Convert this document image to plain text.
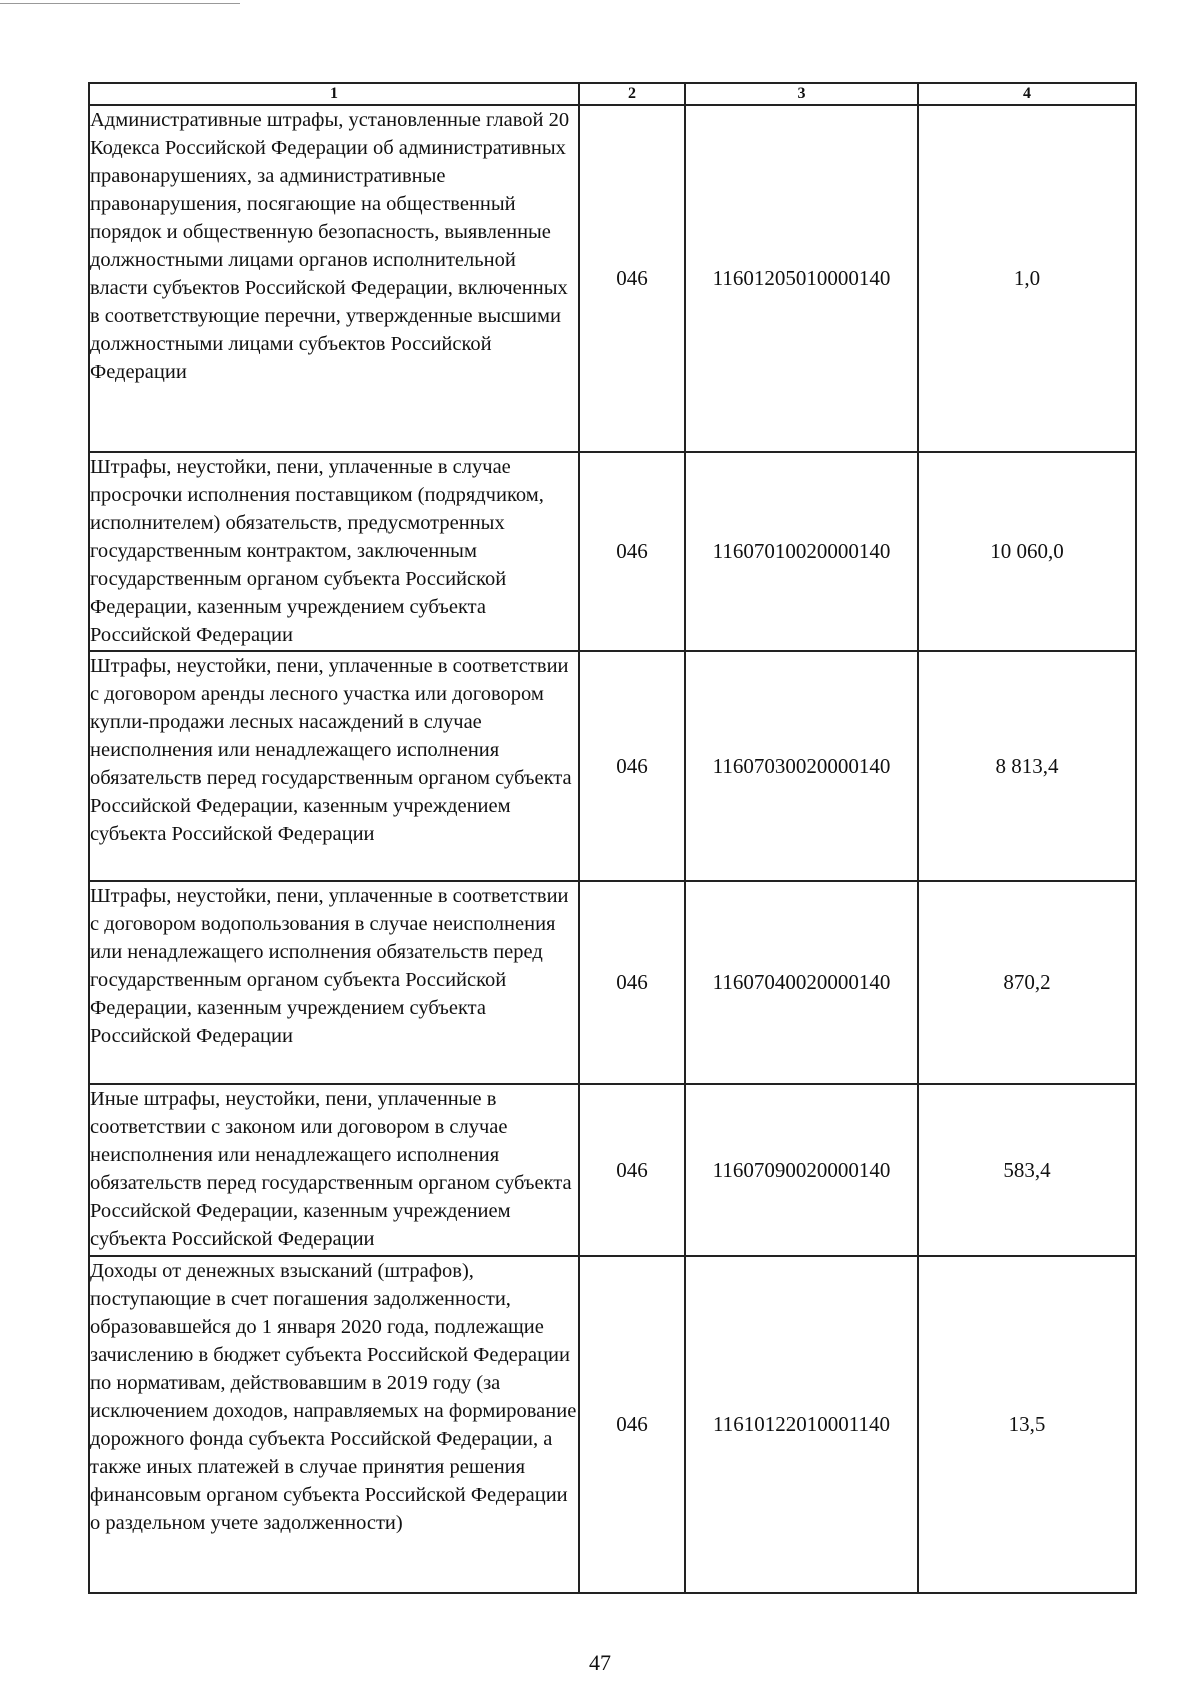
1	2	3	4
Административные штрафы, установленные главой 20 Кодекса Российской Федерации об административных правонарушениях, за административные правонарушения, посягающие на общественный порядок и общественную безопасность, выявленные должностными лицами органов исполнительной власти субъектов Российской Федерации, включенных в соответствующие перечни, утвержденные высшими должностными лицами субъектов Российской Федерации	046	11601205010000140	1,0
Штрафы, неустойки, пени, уплаченные в случае просрочки исполнения поставщиком (подрядчиком, исполнителем) обязательств, предусмотренных государственным контрактом, заключенным государственным органом субъекта Российской Федерации, казенным учреждением субъекта Российской Федерации	046	11607010020000140	10 060,0
Штрафы, неустойки, пени, уплаченные в соответствии с договором аренды лесного участка или договором купли-продажи лесных насаждений в случае неисполнения или ненадлежащего исполнения обязательств перед государственным органом субъекта Российской Федерации, казенным учреждением субъекта Российской Федерации	046	11607030020000140	8 813,4
Штрафы, неустойки, пени, уплаченные в соответствии с договором водопользования в случае неисполнения или ненадлежащего исполнения обязательств перед государственным органом субъекта Российской Федерации, казенным учреждением субъекта Российской Федерации	046	11607040020000140	870,2
Иные штрафы, неустойки, пени, уплаченные в соответствии с законом или договором в случае неисполнения или ненадлежащего исполнения обязательств перед государственным органом субъекта Российской Федерации, казенным учреждением субъекта Российской Федерации	046	11607090020000140	583,4
Доходы от денежных взысканий (штрафов), поступающие в счет погашения задолженности, образовавшейся до 1 января 2020 года, подлежащие зачислению в бюджет субъекта Российской Федерации по нормативам, действовавшим в 2019 году (за исключением доходов, направляемых на формирование дорожного фонда субъекта Российской Федерации, а также иных платежей в случае принятия решения финансовым органом субъекта Российской Федерации о раздельном учете задолженности)	046	11610122010001140	13,5
47
